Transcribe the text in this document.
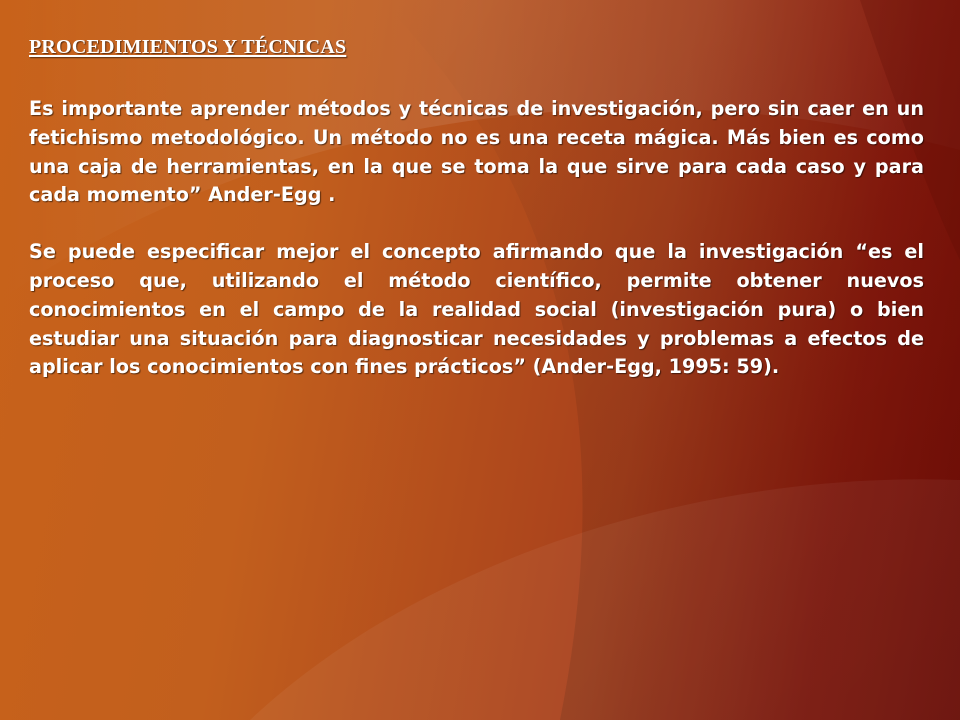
PROCEDIMIENTOS Y TÉCNICAS

Es importante aprender métodos y técnicas de investigación, pero sin caer en un fetichismo metodológico. Un método no es una receta mágica. Más bien es como una caja de herramientas, en la que se toma la que sirve para cada caso y para cada momento” Ander-Egg .

Se puede especificar mejor el concepto afirmando que la investigación “es el proceso que, utilizando el método científico, permite obtener nuevos conocimientos en el campo de la realidad social (investigación pura) o bien estudiar una situación para diagnosticar necesidades y problemas a efectos de aplicar los conocimientos con fines prácticos” (Ander-Egg, 1995: 59).
